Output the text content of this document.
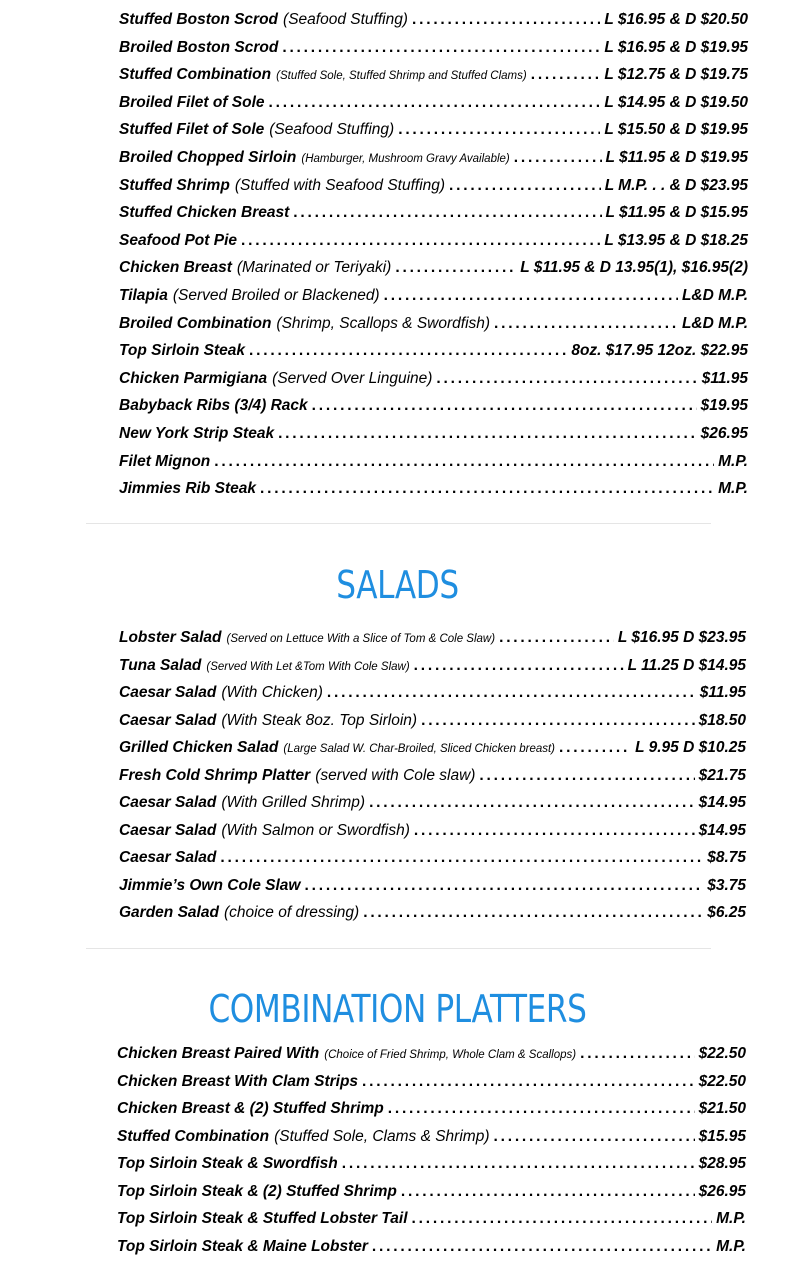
Stuffed Boston Scrod (Seafood Stuffing) . . .	L $16.95 & D $20.50
Broiled Boston Scrod . . .	L $16.95 & D $19.95
Stuffed Combination (Stuffed Sole, Stuffed Shrimp and Stuffed Clams) . . .	L $12.75 & D $19.75
Broiled Filet of Sole . . .	L $14.95 & D $19.50
Stuffed Filet of Sole (Seafood Stuffing) . . .	L $15.50 & D $19.95
Broiled Chopped Sirloin (Hamburger, Mushroom Gravy Available) . . .	L $11.95 & D $19.95
Stuffed Shrimp (Stuffed with Seafood Stuffing) . . .	L M.P. . . & D $23.95
Stuffed Chicken Breast . . .	L $11.95 & D $15.95
Seafood Pot Pie . . .	L $13.95 & D $18.25
Chicken Breast (Marinated or Teriyaki) . . .	L $11.95 & D 13.95(1), $16.95(2)
Tilapia (Served Broiled or Blackened) . . .	L&D M.P.
Broiled Combination (Shrimp, Scallops & Swordfish) . . .	L&D M.P.
Top Sirloin Steak . . .	8oz. $17.95 12oz. $22.95
Chicken Parmigiana (Served Over Linguine) . . .	$11.95
Babyback Ribs (3/4) Rack . . .	$19.95
New York Strip Steak . . .	$26.95
Filet Mignon . . .	M.P.
Jimmies Rib Steak . . .	M.P.
SALADS
Lobster Salad (Served on Lettuce With a Slice of Tom & Cole Slaw) . . .	L $16.95 D $23.95
Tuna Salad (Served With Let &Tom With Cole Slaw) . . .	L 11.25 D $14.95
Caesar Salad (With Chicken) . . .	$11.95
Caesar Salad (With Steak 8oz. Top Sirloin) . . .	$18.50
Grilled Chicken Salad (Large Salad W. Char-Broiled, Sliced Chicken breast) . . .	L 9.95 D $10.25
Fresh Cold Shrimp Platter (served with Cole slaw) . . .	$21.75
Caesar Salad (With Grilled Shrimp) . . .	$14.95
Caesar Salad (With Salmon or Swordfish) . . .	$14.95
Caesar Salad . . .	$8.75
Jimmie’s Own Cole Slaw . . .	$3.75
Garden Salad (choice of dressing) . . .	$6.25
COMBINATION PLATTERS
Chicken Breast Paired With (Choice of Fried Shrimp, Whole Clam & Scallops) . . .	$22.50
Chicken Breast With Clam Strips . . .	$22.50
Chicken Breast & (2) Stuffed Shrimp . . .	$21.50
Stuffed Combination (Stuffed Sole, Clams & Shrimp) . . .	$15.95
Top Sirloin Steak & Swordfish . . .	$28.95
Top Sirloin Steak & (2) Stuffed Shrimp . . .	$26.95
Top Sirloin Steak & Stuffed Lobster Tail . . .	M.P.
Top Sirloin Steak & Maine Lobster . . .	M.P.
